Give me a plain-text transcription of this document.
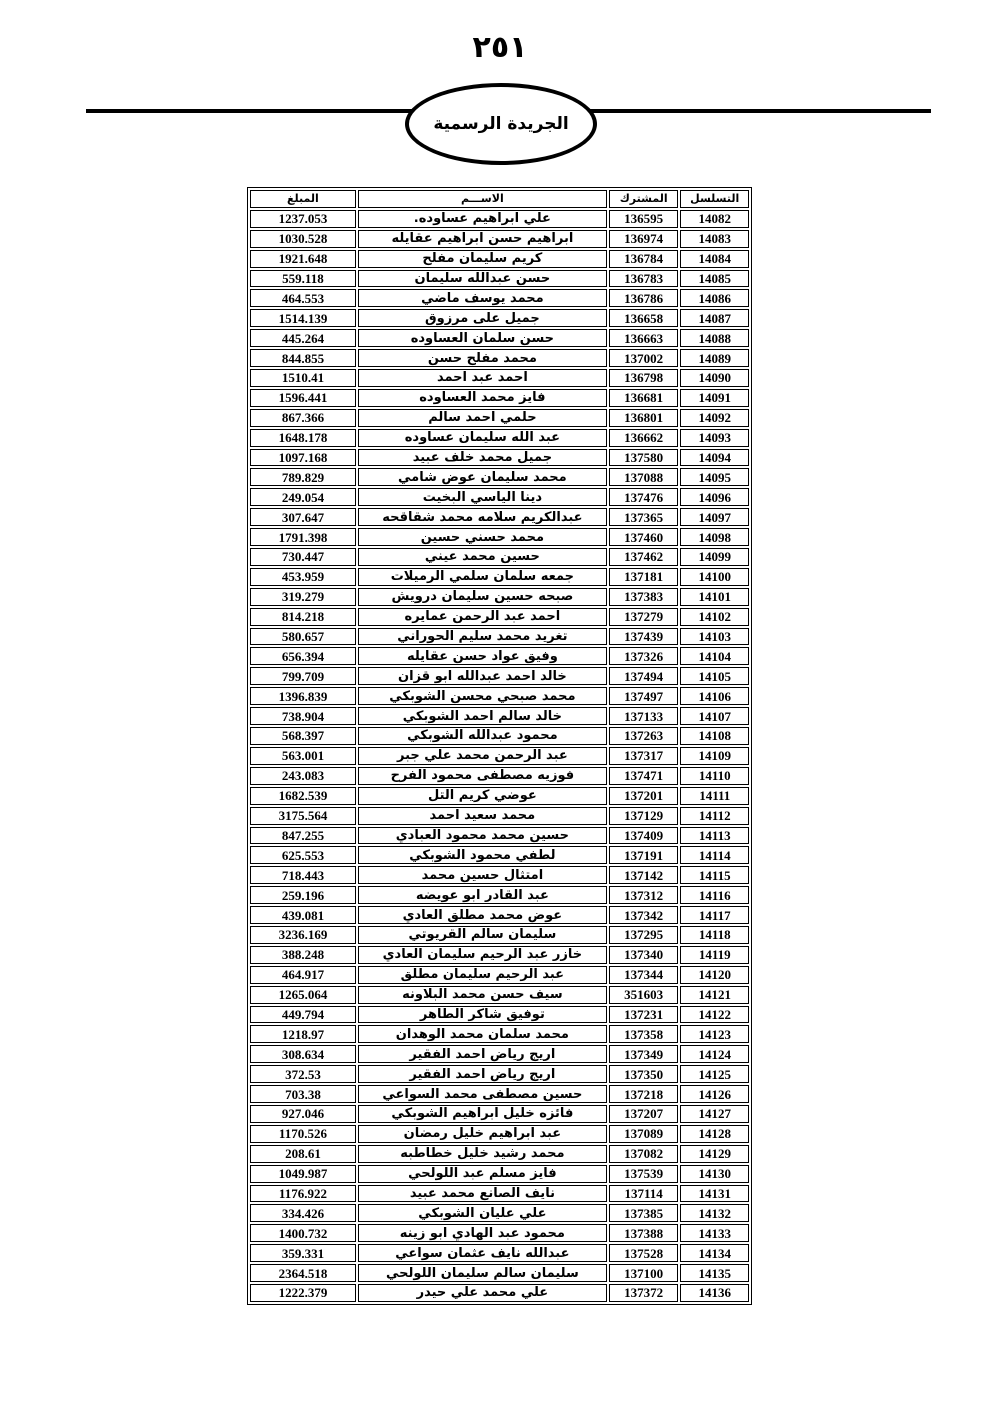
٢٥١
الجريدة الرسمية
التسلسل	المشترك	الاســـم	المبلغ
14082	136595	علي ابراهيم عساوده.	1237.053
14083	136974	ابراهيم حسن ابراهيم عقايله	1030.528
14084	136784	كريم سليمان مفلح	1921.648
14085	136783	حسن عبدالله سليمان	559.118
14086	136786	محمد يوسف ماضي	464.553
14087	136658	جميل على مرزوق	1514.139
14088	136663	حسن سلمان العساوده	445.264
14089	137002	محمد مفلح حسن	844.855
14090	136798	احمد عبد احمد	1510.41
14091	136681	فايز محمد العساوده	1596.441
14092	136801	حلمي احمد سالم	867.366
14093	136662	عبد الله سليمان عساوده	1648.178
14094	137580	جميل محمد خلف عبيد	1097.168
14095	137088	محمد سليمان عوض شامي	789.829
14096	137476	دينا الياسي البخيت	249.054
14097	137365	عبدالكريم سلامه محمد شقاقحه	307.647
14098	137460	محمد حسني حسين	1791.398
14099	137462	حسين محمد عيني	730.447
14100	137181	جمعه سلمان سلمي الرميلات	453.959
14101	137383	صبحه حسين سليمان درويش	319.279
14102	137279	احمد عبد الرحمن عمايره	814.218
14103	137439	تغريد محمد سليم الحوراني	580.657
14104	137326	وفيق عواد حسن عقايله	656.394
14105	137494	خالد احمد عبدالله ابو قزان	799.709
14106	137497	محمد صبحي محسن الشوبكي	1396.839
14107	137133	خالد سالم احمد الشوبكي	738.904
14108	137263	محمود عبدالله الشوبكي	568.397
14109	137317	عبد الرحمن محمد علي جبر	563.001
14110	137471	فوزيه مصطفى محمود الفرح	243.083
14111	137201	عوضي كريم التل	1682.539
14112	137129	محمد سعيد احمد	3175.564
14113	137409	حسين محمد محمود العبادي	847.255
14114	137191	لطفي محمود الشوبكي	625.553
14115	137142	امتثال حسين محمد	718.443
14116	137312	عبد القادر ابو عويضه	259.196
14117	137342	عوض محمد مطلق العادي	439.081
14118	137295	سليمان سالم القريوتي	3236.169
14119	137340	خازر عبد الرحيم سليمان العادي	388.248
14120	137344	عبد الرحيم سليمان مطلق	464.917
14121	351603	سيف حسن محمد البلاونه	1265.064
14122	137231	توفيق شاكر الطاهر	449.794
14123	137358	محمد سلمان محمد الوهدان	1218.97
14124	137349	اريج رياض احمد الفقير	308.634
14125	137350	اريج رياض احمد الفقير	372.53
14126	137218	حسين مصطفى محمد السواعي	703.38
14127	137207	فائزه خليل ابراهيم الشوبكي	927.046
14128	137089	عبد ابراهيم خليل رمضان	1170.526
14129	137082	محمد رشيد خليل خطاطبه	208.61
14130	137539	فايز مسلم عبد اللولحي	1049.987
14131	137114	نايف الصانع محمد عبيد	1176.922
14132	137385	علي عليان الشوبكي	334.426
14133	137388	محمود عبد الهادي ابو زينه	1400.732
14134	137528	عبدالله نايف عثمان سواعي	359.331
14135	137100	سليمان سالم سليمان اللولحي	2364.518
14136	137372	علي محمد علي حيدر	1222.379
